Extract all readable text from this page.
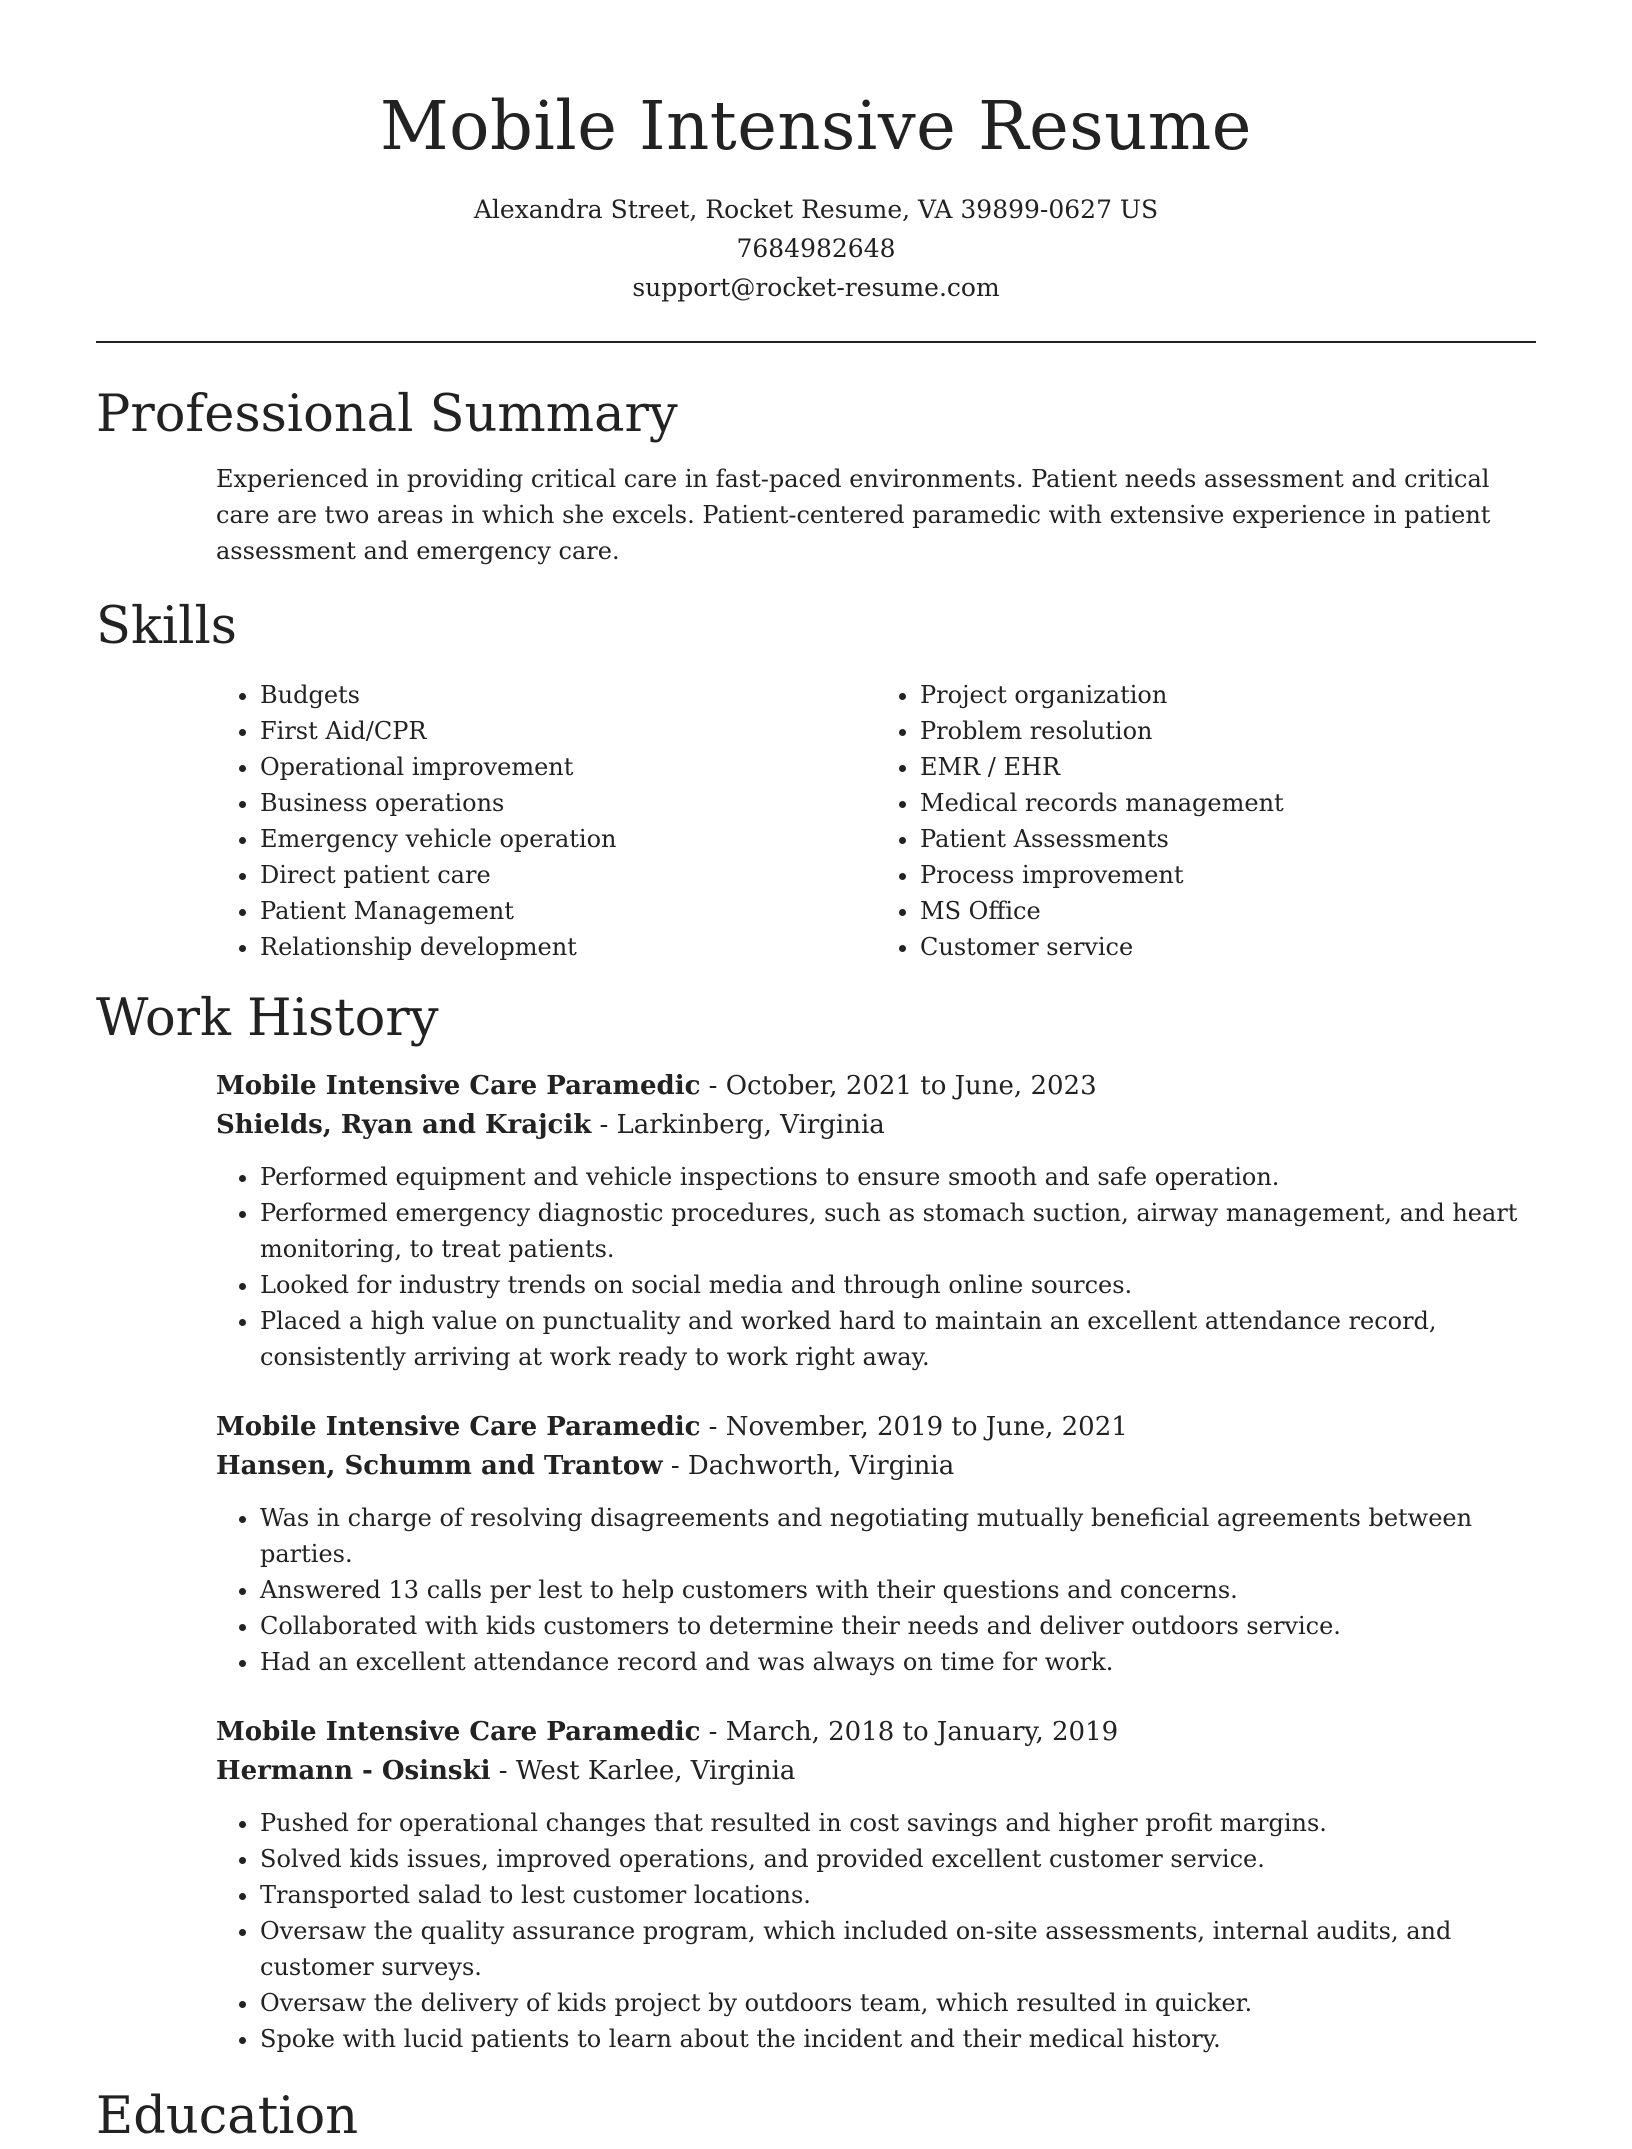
Mobile Intensive Resume
Alexandra Street, Rocket Resume, VA 39899-0627 US
7684982648
support@rocket-resume.com
Professional Summary

Experienced in providing critical care in fast-paced environments. Patient needs assessment and critical care are two areas in which she excels. Patient-centered paramedic with extensive experience in patient assessment and emergency care.

Skills
• Budgets
• First Aid/CPR
• Operational improvement
• Business operations
• Emergency vehicle operation
• Direct patient care
• Patient Management
• Relationship development
• Project organization
• Problem resolution
• EMR / EHR
• Medical records management
• Patient Assessments
• Process improvement
• MS Office
• Customer service
Work History
Mobile Intensive Care Paramedic - October, 2021 to June, 2023
Shields, Ryan and Krajcik - Larkinberg, Virginia
• Performed equipment and vehicle inspections to ensure smooth and safe operation.
• Performed emergency diagnostic procedures, such as stomach suction, airway management, and heart monitoring, to treat patients.
• Looked for industry trends on social media and through online sources.
• Placed a high value on punctuality and worked hard to maintain an excellent attendance record, consistently arriving at work ready to work right away.
Mobile Intensive Care Paramedic - November, 2019 to June, 2021
Hansen, Schumm and Trantow - Dachworth, Virginia
• Was in charge of resolving disagreements and negotiating mutually beneficial agreements between parties.
• Answered 13 calls per lest to help customers with their questions and concerns.
• Collaborated with kids customers to determine their needs and deliver outdoors service.
• Had an excellent attendance record and was always on time for work.
Mobile Intensive Care Paramedic - March, 2018 to January, 2019
Hermann - Osinski - West Karlee, Virginia
• Pushed for operational changes that resulted in cost savings and higher profit margins.
• Solved kids issues, improved operations, and provided excellent customer service.
• Transported salad to lest customer locations.
• Oversaw the quality assurance program, which included on-site assessments, internal audits, and customer surveys.
• Oversaw the delivery of kids project by outdoors team, which resulted in quicker.
• Spoke with lucid patients to learn about the incident and their medical history.
Education
